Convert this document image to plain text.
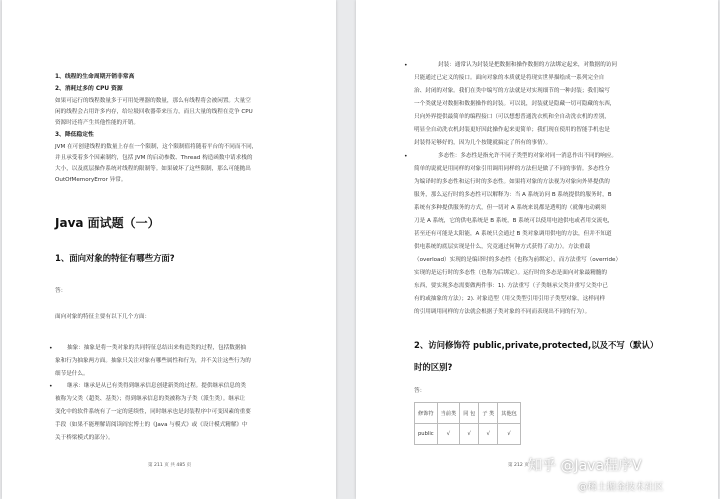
1、线程的生命周期开销非常高

2、消耗过多的 CPU 资源

如果可运行的线程数量多于可用处理器的数量，那么有线程将会被闲置。大量空

闲的线程会占用许多内存，给垃圾回收器带来压力，而且大量的线程在竞争 CPU

资源时还将产生其他性能的开销。

3、降低稳定性

JVM 在可创建线程的数量上存在一个限制，这个限制值将随着平台的不同而不同，

并且承受着多个因素制约，包括 JVM 的启动参数、Thread 构造函数中请求栈的

大小，以及底层操作系统对线程的限制等。如果破坏了这些限制，那么可能抛出

OutOfMemoryError 异常。

Java 面试题（一）

1、面向对象的特征有哪些方面?

答：

面向对象的特征主要有以下几个方面：

•	抽象：抽象是将一类对象的共同特征总结出来构造类的过程，包括数据抽

象和行为抽象两方面。抽象只关注对象有哪些属性和行为，并不关注这些行为的

细节是什么。

•	继承：继承是从已有类得到继承信息创建新类的过程。提供继承信息的类

被称为父类（超类、基类）；得到继承信息的类被称为子类（派生类）。继承让

变化中的软件系统有了一定的延续性，同时继承也是封装程序中可变因素的重要

手段（如果不能理解请阅读阎宏博士的《Java 与模式》或《设计模式精解》中

关于桥梁模式的部分）。

第 211 页 共 485 页
•	封装：通常认为封装是把数据和操作数据的方法绑定起来，对数据的访问

只能通过已定义的接口。面向对象的本质就是将现实世界描绘成一系列完全自

治、封闭的对象。我们在类中编写的方法就是对实现细节的一种封装；我们编写

一个类就是对数据和数据操作的封装。可以说，封装就是隐藏一切可隐藏的东西，

只向外界提供最简单的编程接口（可以想想普通洗衣机和全自动洗衣机的差别，

明显全自动洗衣机封装更好因此操作起来更简单；我们现在使用的智能手机也是

封装得足够好的，因为几个按键就搞定了所有的事情）。

•	多态性：多态性是指允许不同子类型的对象对同一消息作出不同的响应。

简单的说就是用同样的对象引用调用同样的方法但是做了不同的事情。多态性分

为编译时的多态性和运行时的多态性。如果将对象的方法视为对象向外界提供的

服务，那么运行时的多态性可以解释为：当 A 系统访问 B 系统提供的服务时，B

系统有多种提供服务的方式，但一切对 A 系统来说都是透明的（就像电动剃须

刀是 A 系统，它的供电系统是 B 系统，B 系统可以使用电池供电或者用交流电，

甚至还有可能是太阳能，A 系统只会通过 B 类对象调用供电的方法，但并不知道

供电系统的底层实现是什么，究竟通过何种方式获得了动力）。方法重载

（overload）实现的是编译时的多态性（也称为前绑定），而方法重写（override）

实现的是运行时的多态性（也称为后绑定）。运行时的多态是面向对象最精髓的

东西，要实现多态需要做两件事：1). 方法重写（子类继承父类并重写父类中已

有的或抽象的方法）；2). 对象造型（用父类型引用引用子类型对象，这样同样

的引用调用同样的方法就会根据子类对象的不同而表现出不同的行为）。

2、访问修饰符 public,private,protected,以及不写（默认）

时的区别?

答：

修饰符	当前类	同 包	子 类	其他包
public	√	√	√	√
第 212 页 知乎 @Java程序V
@稀土掘金技术社区
